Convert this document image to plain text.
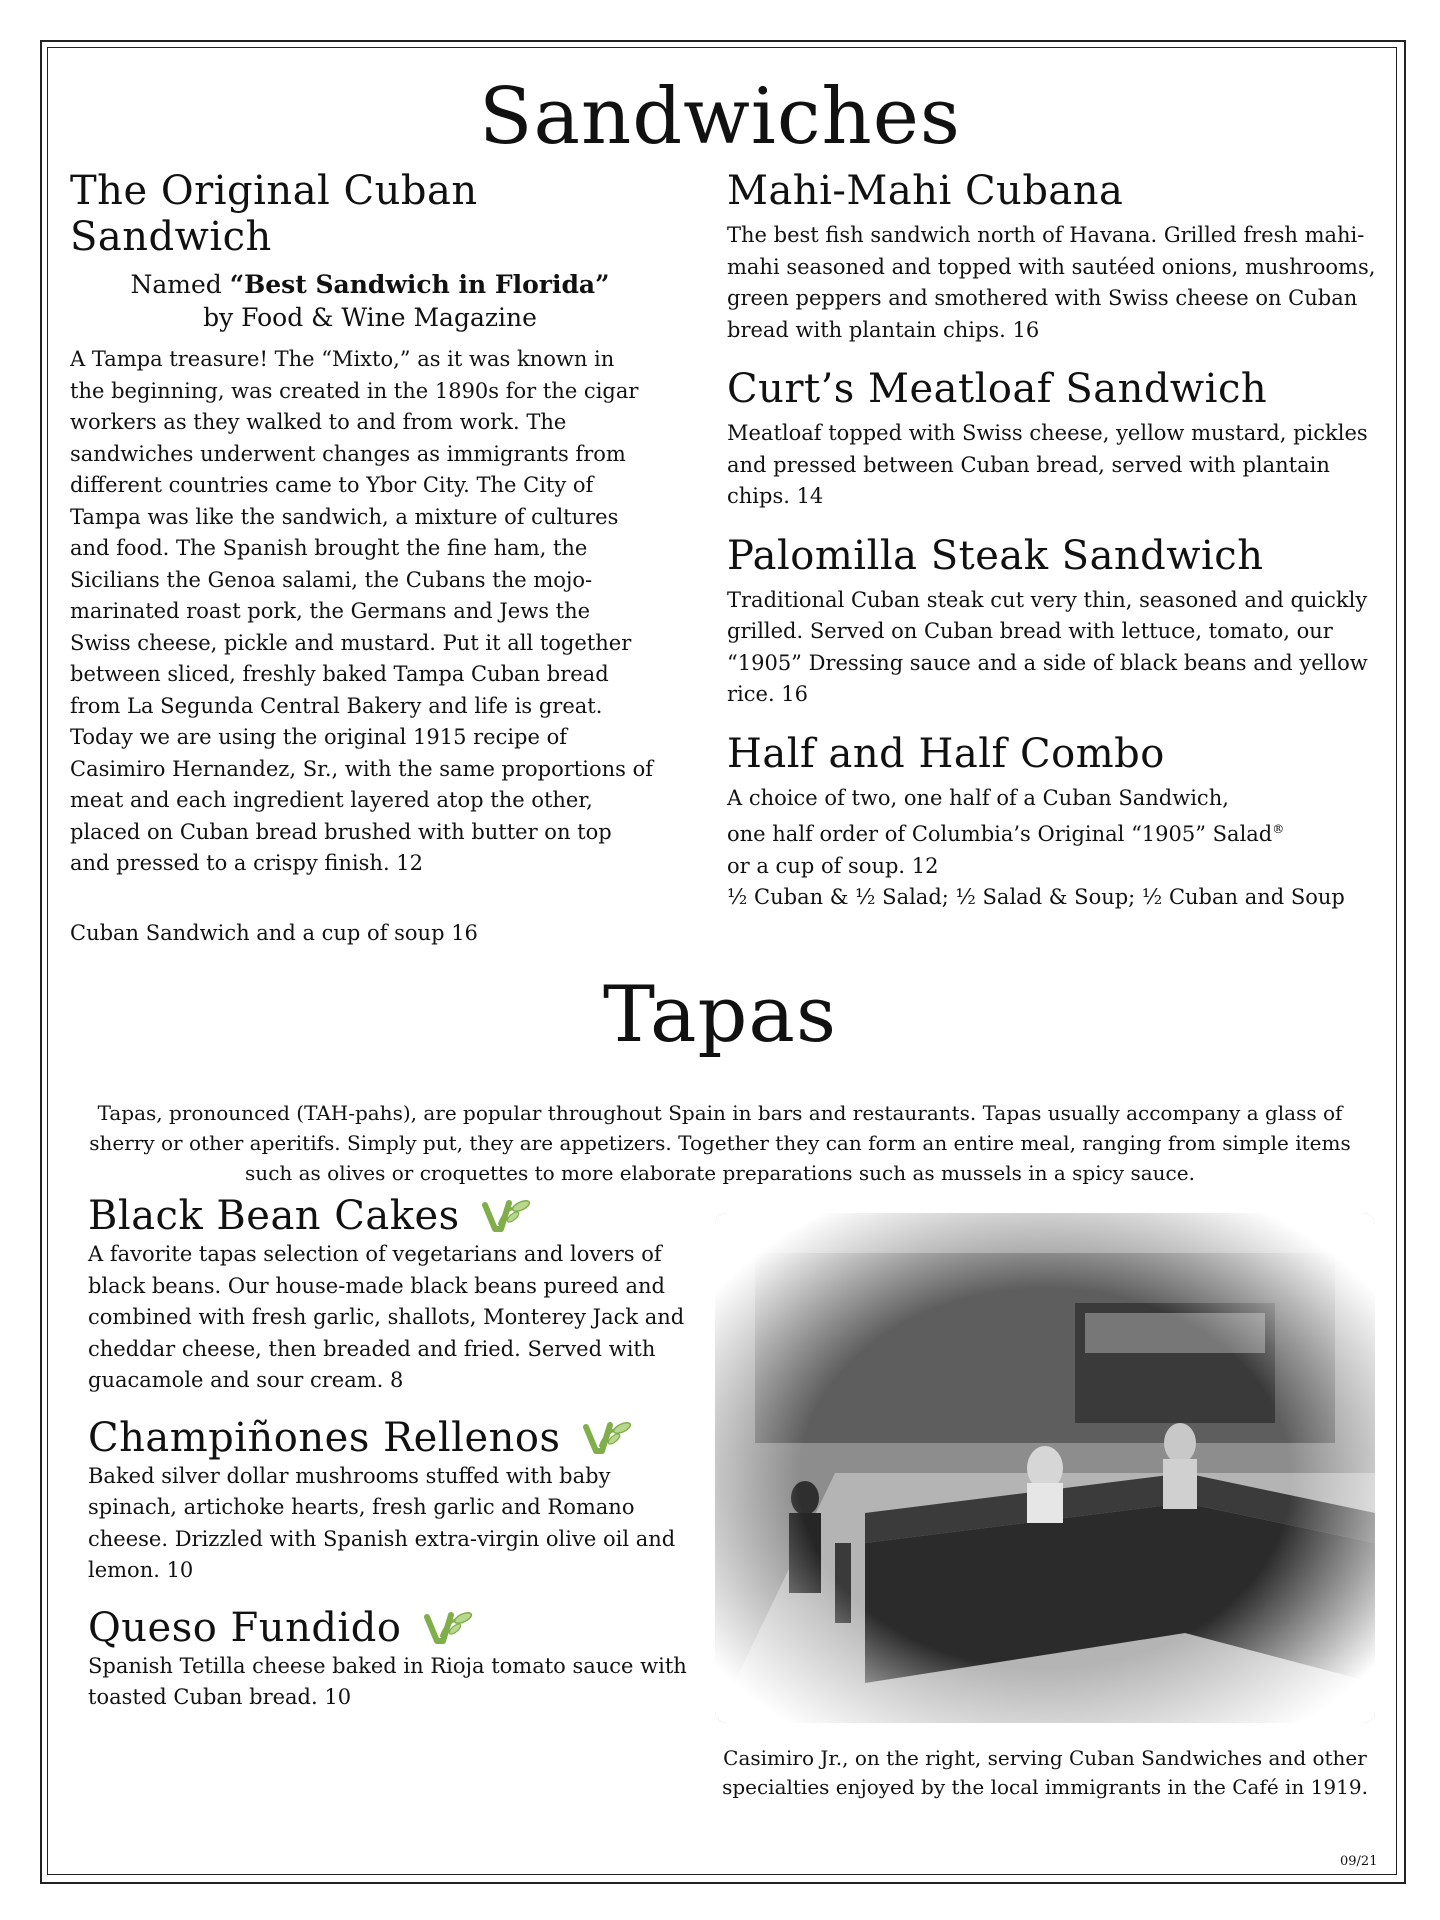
Sandwiches
The Original Cuban Sandwich
Named “Best Sandwich in Florida”
by Food & Wine Magazine

A Tampa treasure! The “Mixto,” as it was known in the beginning, was created in the 1890s for the cigar workers as they walked to and from work. The sandwiches underwent changes as immigrants from different countries came to Ybor City. The City of Tampa was like the sandwich, a mixture of cultures and food. The Spanish brought the fine ham, the Sicilians the Genoa salami, the Cubans the mojo-marinated roast pork, the Germans and Jews the Swiss cheese, pickle and mustard. Put it all together between sliced, freshly baked Tampa Cuban bread from La Segunda Central Bakery and life is great. Today we are using the original 1915 recipe of Casimiro Hernandez, Sr., with the same proportions of meat and each ingredient layered atop the other, placed on Cuban bread brushed with butter on top and pressed to a crispy finish. 12

Cuban Sandwich and a cup of soup 16

Mahi-Mahi Cubana

The best fish sandwich north of Havana. Grilled fresh mahi-mahi seasoned and topped with sautéed onions, mushrooms, green peppers and smothered with Swiss cheese on Cuban bread with plantain chips. 16

Curt’s Meatloaf Sandwich

Meatloaf topped with Swiss cheese, yellow mustard, pickles and pressed between Cuban bread, served with plantain chips. 14

Palomilla Steak Sandwich

Traditional Cuban steak cut very thin, seasoned and quickly grilled. Served on Cuban bread with lettuce, tomato, our “1905” Dressing sauce and a side of black beans and yellow rice. 16

Half and Half Combo

A choice of two, one half of a Cuban Sandwich,

one half order of Columbia’s Original “1905” Salad®

or a cup of soup. 12

½ Cuban & ½ Salad; ½ Salad & Soup; ½ Cuban and Soup

Tapas

Tapas, pronounced (TAH-pahs), are popular throughout Spain in bars and restaurants. Tapas usually accompany a glass of sherry or other aperitifs. Simply put, they are appetizers. Together they can form an entire meal, ranging from simple items such as olives or croquettes to more elaborate preparations such as mussels in a spicy sauce.

Black Bean Cakes

A favorite tapas selection of vegetarians and lovers of black beans. Our house-made black beans pureed and combined with fresh garlic, shallots, Monterey Jack and cheddar cheese, then breaded and fried. Served with guacamole and sour cream. 8

Champiñones Rellenos

Baked silver dollar mushrooms stuffed with baby spinach, artichoke hearts, fresh garlic and Romano cheese. Drizzled with Spanish extra-virgin olive oil and lemon. 10

Queso Fundido

Spanish Tetilla cheese baked in Rioja tomato sauce with toasted Cuban bread. 10

Casimiro Jr., on the right, serving Cuban Sandwiches and other specialties enjoyed by the local immigrants in the Café in 1919.

09/21
